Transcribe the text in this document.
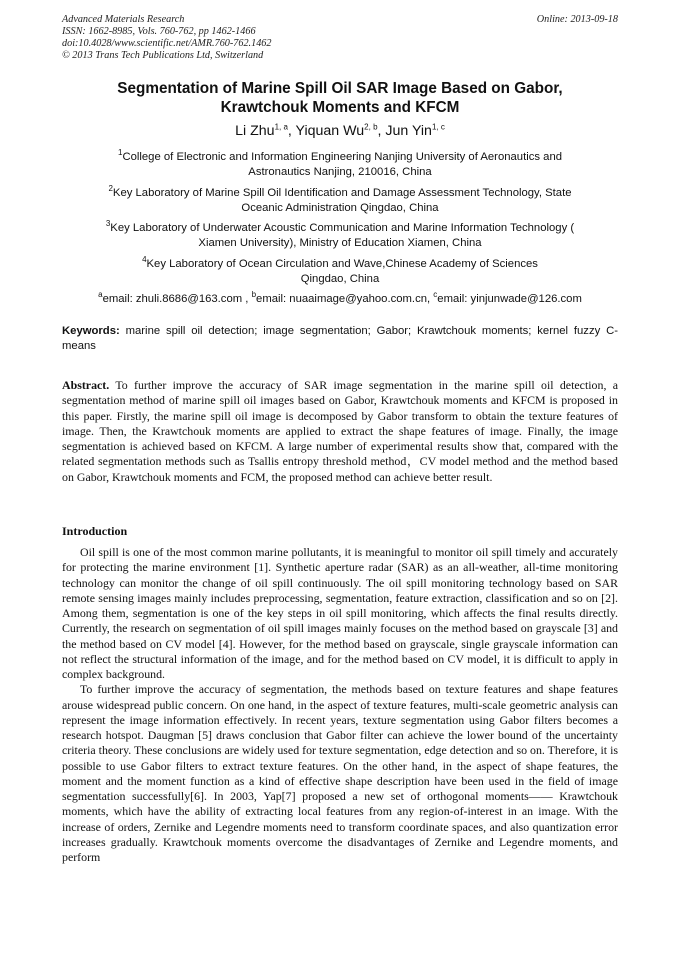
Advanced Materials Research
ISSN: 1662-8985, Vols. 760-762, pp 1462-1466
doi:10.4028/www.scientific.net/AMR.760-762.1462
© 2013 Trans Tech Publications Ltd, Switzerland
Online: 2013-09-18
Segmentation of Marine Spill Oil SAR Image Based on Gabor,
Krawtchouk Moments and KFCM
Li Zhu$^{1, a}$, Yiquan Wu$^{2, b}$, Jun Yin$^{1, c}$
$^1$College of Electronic and Information Engineering Nanjing University of Aeronautics and
Astronautics Nanjing, 210016, China
$^2$Key Laboratory of Marine Spill Oil Identification and Damage Assessment Technology, State
Oceanic Administration Qingdao, China
$^3$Key Laboratory of Underwater Acoustic Communication and Marine Information Technology (
Xiamen University), Ministry of Education Xiamen, China
$^4$Key Laboratory of Ocean Circulation and Wave,Chinese Academy of Sciences
Qingdao, China
$^a$email: zhuli.8686@163.com , $^b$email: nuaaimage@yahoo.com.cn, $^c$email: yinjunwade@126.com
Keywords: marine spill oil detection; image segmentation; Gabor; Krawtchouk moments; kernel fuzzy C-means
Abstract. To further improve the accuracy of SAR image segmentation in the marine spill oil detection, a segmentation method of marine spill oil images based on Gabor, Krawtchouk moments and KFCM is proposed in this paper. Firstly, the marine spill oil image is decomposed by Gabor transform to obtain the texture features of image. Then, the Krawtchouk moments are applied to extract the shape features of image. Finally, the image segmentation is achieved based on KFCM. A large number of experimental results show that, compared with the related segmentation methods such as Tsallis entropy threshold method，CV model method and the method based on Gabor, Krawtchouk moments and FCM, the proposed method can achieve better result.
Introduction

Oil spill is one of the most common marine pollutants, it is meaningful to monitor oil spill timely and accurately for protecting the marine environment [1]. Synthetic aperture radar (SAR) as an all-weather, all-time monitoring technology can monitor the change of oil spill continuously. The oil spill monitoring technology based on SAR remote sensing images mainly includes preprocessing, segmentation, feature extraction, classification and so on [2]. Among them, segmentation is one of the key steps in oil spill monitoring, which affects the final results directly. Currently, the research on segmentation of oil spill images mainly focuses on the method based on grayscale [3] and the method based on CV model [4]. However, for the method based on grayscale, single grayscale information can not reflect the structural information of the image, and for the method based on CV model, it is difficult to apply in complex background.

To further improve the accuracy of segmentation, the methods based on texture features and shape features arouse widespread public concern. On one hand, in the aspect of texture features, multi-scale geometric analysis can represent the image information effectively. In recent years, texture segmentation using Gabor filters becomes a research hotspot. Daugman [5] draws conclusion that Gabor filter can achieve the lower bound of the uncertainty criteria theory. These conclusions are widely used for texture segmentation, edge detection and so on. Therefore, it is possible to use Gabor filters to extract texture features. On the other hand, in the aspect of shape features, the moment and the moment function as a kind of effective shape description have been used in the field of image segmentation successfully[6]. In 2003, Yap[7] proposed a new set of orthogonal moments—— Krawtchouk moments, which have the ability of extracting local features from any region-of-interest in an image. With the increase of orders, Zernike and Legendre moments need to transform coordinate spaces, and also quantization error increases gradually. Krawtchouk moments overcome the disadvantages of Zernike and Legendre moments, and perform
